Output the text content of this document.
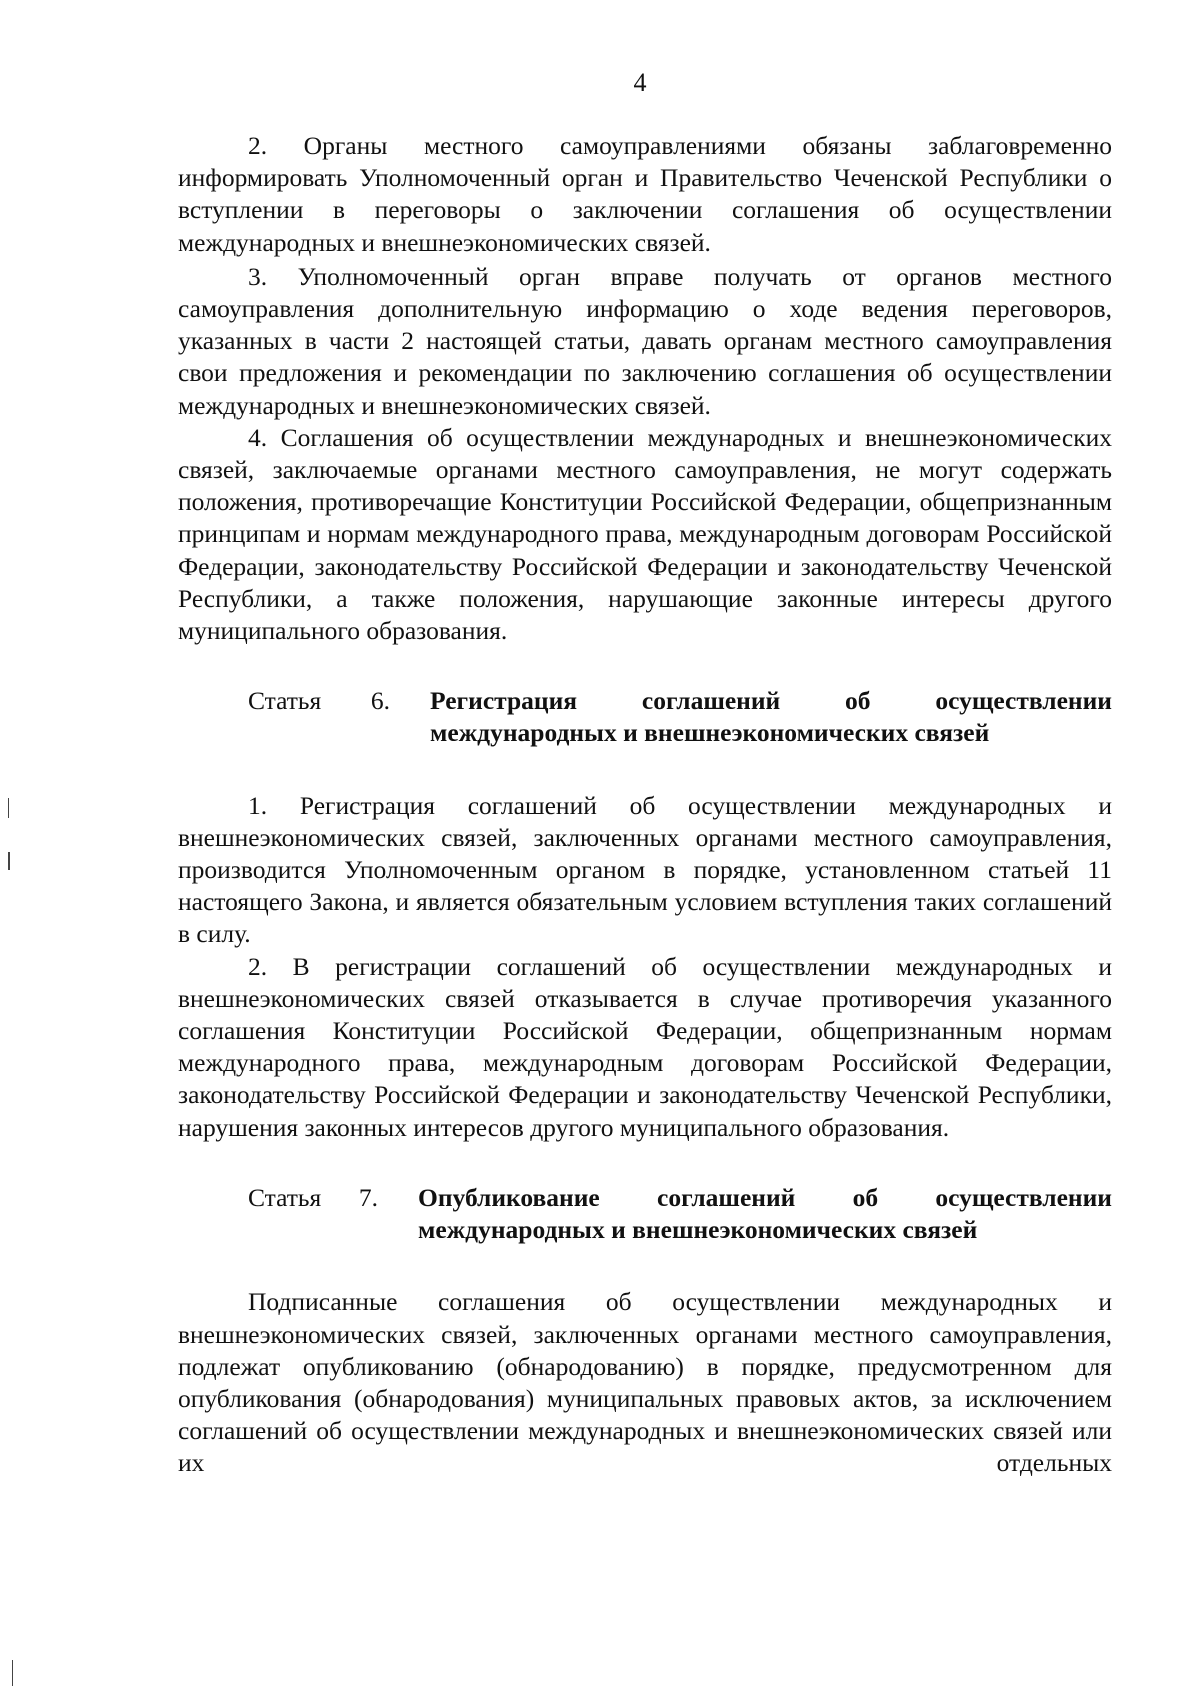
4

2. Органы местного самоуправлениями обязаны заблаговременно информировать Уполномоченный орган и Правительство Чеченской Республики о вступлении в переговоры о заключении соглашения об осуществлении международных и внешнеэкономических связей.

3. Уполномоченный орган вправе получать от органов местного самоуправления дополнительную информацию о ходе ведения переговоров, указанных в части 2 настоящей статьи, давать органам местного самоуправления свои предложения и рекомендации по заключению соглашения об осуществлении международных и внешнеэкономических связей.

4. Соглашения об осуществлении международных и внешнеэкономических связей, заключаемые органами местного самоуправления, не могут содержать положения, противоречащие Конституции Российской Федерации, общепризнанным принципам и нормам международного права, международным договорам Российской Федерации, законодательству Российской Федерации и законодательству Чеченской Республики, а также положения, нарушающие законные интересы другого муниципального образования.

Статья 6. Регистрация соглашений об осуществлении международных и внешнеэкономических связей

1. Регистрация соглашений об осуществлении международных и внешнеэкономических связей, заключенных органами местного самоуправления, производится Уполномоченным органом в порядке, установленном статьей 11 настоящего Закона, и является обязательным условием вступления таких соглашений в силу.

2. В регистрации соглашений об осуществлении международных и внешнеэкономических связей отказывается в случае противоречия указанного соглашения Конституции Российской Федерации, общепризнанным нормам международного права, международным договорам Российской Федерации, законодательству Российской Федерации и законодательству Чеченской Республики, нарушения законных интересов другого муниципального образования.

Статья 7. Опубликование соглашений об осуществлении международных и внешнеэкономических связей

Подписанные соглашения об осуществлении международных и внешнеэкономических связей, заключенных органами местного самоуправления, подлежат опубликованию (обнародованию) в порядке, предусмотренном для опубликования (обнародования) муниципальных правовых актов, за исключением соглашений об осуществлении международных и внешнеэкономических связей или их отдельных
